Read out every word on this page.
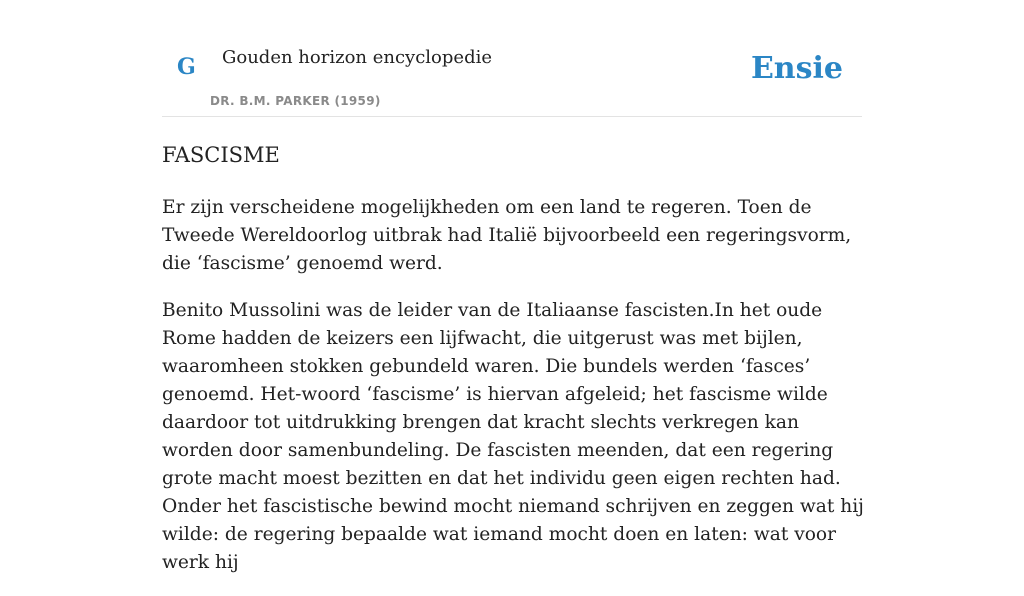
G Gouden horizon encyclopedie
DR. B.M. PARKER (1959)
Ensie
FASCISME

Er zijn verscheidene mogelijkheden om een land te regeren. Toen de Tweede Wereldoorlog uitbrak had Italië bijvoorbeeld een regeringsvorm, die ‘fascisme’ genoemd werd.

Benito Mussolini was de leider van de Italiaanse fascisten.In het oude Rome hadden de keizers een lijfwacht, die uitgerust was met bijlen, waaromheen stokken gebundeld waren. Die bundels werden ‘fasces’ genoemd. Het-woord ‘fascisme’ is hiervan afgeleid; het fascisme wilde daardoor tot uitdrukking brengen dat kracht slechts verkregen kan worden door samenbundeling. De fascisten meenden, dat een regering grote macht moest bezitten en dat het individu geen eigen rechten had. Onder het fascistische bewind mocht niemand schrijven en zeggen wat hij wilde: de regering bepaalde wat iemand mocht doen en laten: wat voor werk hij
